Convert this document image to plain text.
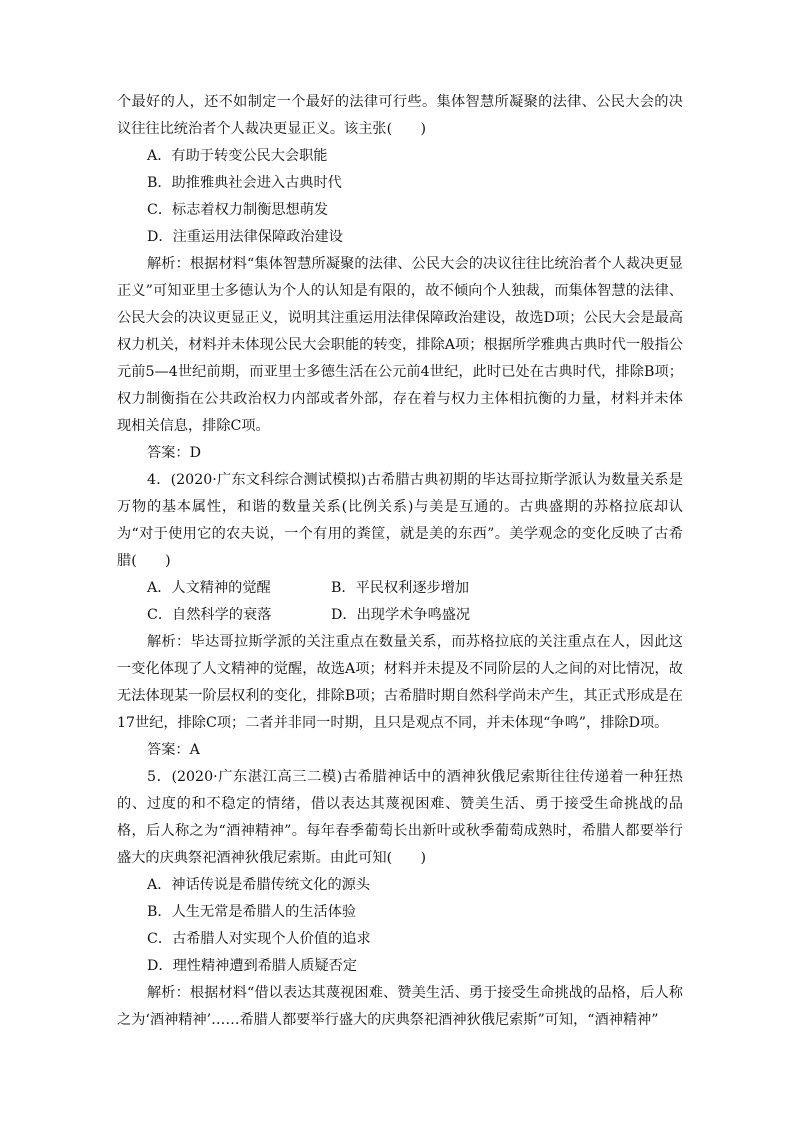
个最好的人，还不如制定一个最好的法律可行些。集体智慧所凝聚的法律、公民大会的决议往往比统治者个人裁决更显正义。该主张(　　)

A．有助于转变公民大会职能

B．助推雅典社会进入古典时代

C．标志着权力制衡思想萌发

D．注重运用法律保障政治建设

解析：根据材料“集体智慧所凝聚的法律、公民大会的决议往往比统治者个人裁决更显正义”可知亚里士多德认为个人的认知是有限的，故不倾向个人独裁，而集体智慧的法律、公民大会的决议更显正义，说明其注重运用法律保障政治建设，故选D项；公民大会是最高权力机关，材料并未体现公民大会职能的转变，排除A项；根据所学雅典古典时代一般指公元前5—4世纪前期，而亚里士多德生活在公元前4世纪，此时已处在古典时代，排除B项；权力制衡指在公共政治权力内部或者外部，存在着与权力主体相抗衡的力量，材料并未体现相关信息，排除C项。

答案：D

4．(2020·广东文科综合测试模拟)古希腊古典初期的毕达哥拉斯学派认为数量关系是万物的基本属性，和谐的数量关系(比例关系)与美是互通的。古典盛期的苏格拉底却认为“对于使用它的农夫说，一个有用的粪筐，就是美的东西”。美学观念的变化反映了古希腊(　　)

A．人文精神的觉醒	B．平民权利逐步增加
C．自然科学的衰落	D．出现学术争鸣盛况

解析：毕达哥拉斯学派的关注重点在数量关系，而苏格拉底的关注重点在人，因此这一变化体现了人文精神的觉醒，故选A项；材料并未提及不同阶层的人之间的对比情况，故无法体现某一阶层权利的变化，排除B项；古希腊时期自然科学尚未产生，其正式形成是在17世纪，排除C项；二者并非同一时期，且只是观点不同，并未体现“争鸣”，排除D项。

答案：A

5．(2020·广东湛江高三二模)古希腊神话中的酒神狄俄尼索斯往往传递着一种狂热的、过度的和不稳定的情绪，借以表达其蔑视困难、赞美生活、勇于接受生命挑战的品格，后人称之为“酒神精神”。每年春季葡萄长出新叶或秋季葡萄成熟时，希腊人都要举行盛大的庆典祭祀酒神狄俄尼索斯。由此可知(　　)

A．神话传说是希腊传统文化的源头

B．人生无常是希腊人的生活体验

C．古希腊人对实现个人价值的追求

D．理性精神遭到希腊人质疑否定

解析：根据材料“借以表达其蔑视困难、赞美生活、勇于接受生命挑战的品格，后人称之为‘酒神精神’……希腊人都要举行盛大的庆典祭祀酒神狄俄尼索斯”可知，“酒神精神”
